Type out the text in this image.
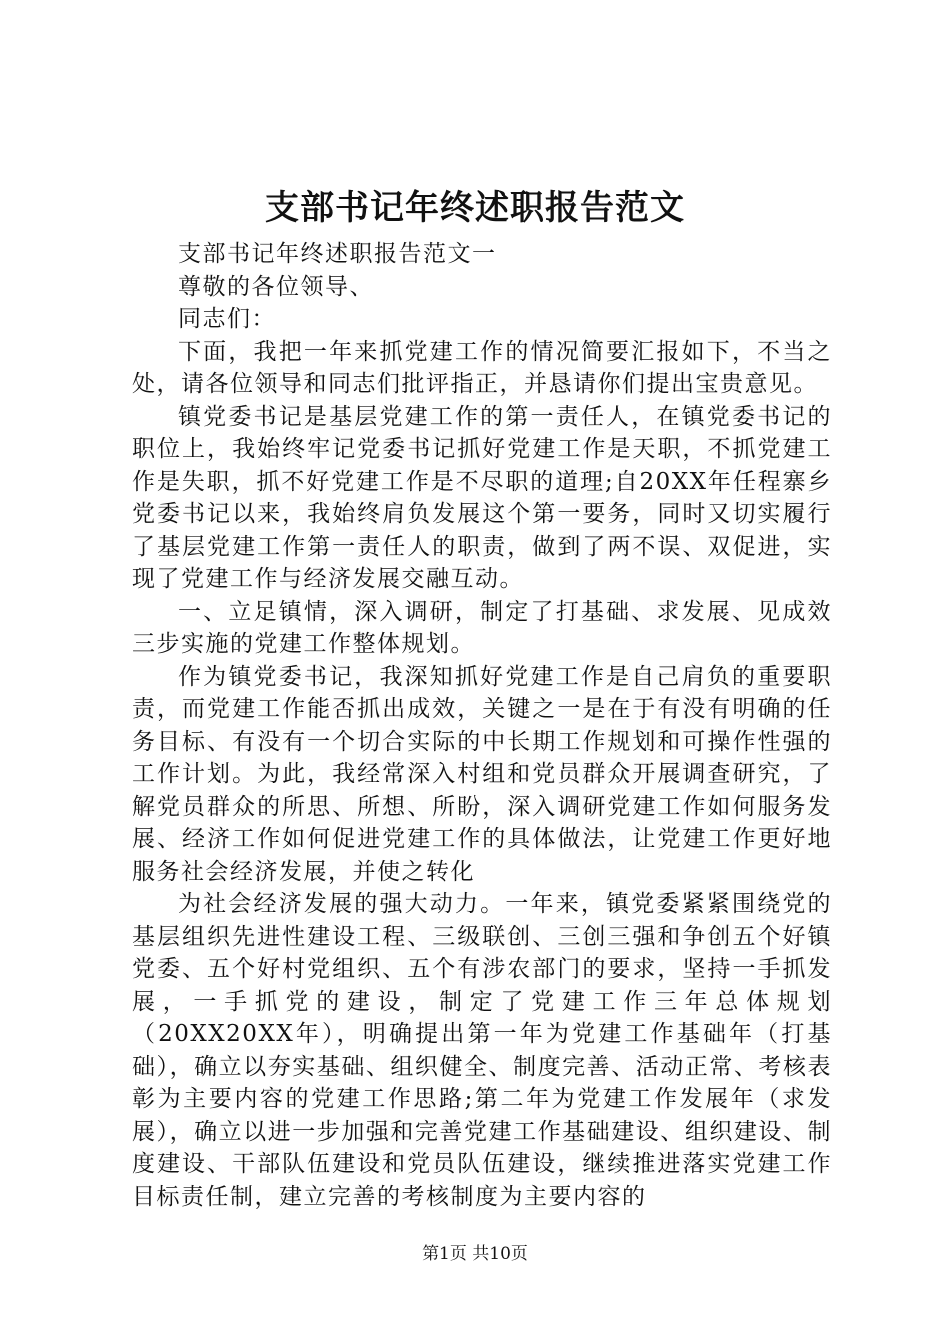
支部书记年终述职报告范文

支部书记年终述职报告范文一

尊敬的各位领导、

同志们：

下面，我把一年来抓党建工作的情况简要汇报如下，不当之处，请各位领导和同志们批评指正，并恳请你们提出宝贵意见。

镇党委书记是基层党建工作的第一责任人，在镇党委书记的职位上，我始终牢记党委书记抓好党建工作是天职，不抓党建工作是失职，抓不好党建工作是不尽职的道理;自20XX年任程寨乡党委书记以来，我始终肩负发展这个第一要务，同时又切实履行了基层党建工作第一责任人的职责，做到了两不误、双促进，实现了党建工作与经济发展交融互动。

一、立足镇情，深入调研，制定了打基础、求发展、见成效三步实施的党建工作整体规划。

作为镇党委书记，我深知抓好党建工作是自己肩负的重要职责，而党建工作能否抓出成效，关键之一是在于有没有明确的任务目标、有没有一个切合实际的中长期工作规划和可操作性强的工作计划。为此，我经常深入村组和党员群众开展调查研究，了解党员群众的所思、所想、所盼，深入调研党建工作如何服务发展、经济工作如何促进党建工作的具体做法，让党建工作更好地服务社会经济发展，并使之转化

为社会经济发展的强大动力。一年来，镇党委紧紧围绕党的基层组织先进性建设工程、三级联创、三创三强和争创五个好镇党委、五个好村党组织、五个有涉农部门的要求，坚持一手抓发展，一手抓党的建设，制定了党建工作三年总体规划（20XX20XX年），明确提出第一年为党建工作基础年（打基础），确立以夯实基础、组织健全、制度完善、活动正常、考核表彰为主要内容的党建工作思路;第二年为党建工作发展年（求发展），确立以进一步加强和完善党建工作基础建设、组织建设、制度建设、干部队伍建设和党员队伍建设，继续推进落实党建工作目标责任制，建立完善的考核制度为主要内容的

第1页 共10页
